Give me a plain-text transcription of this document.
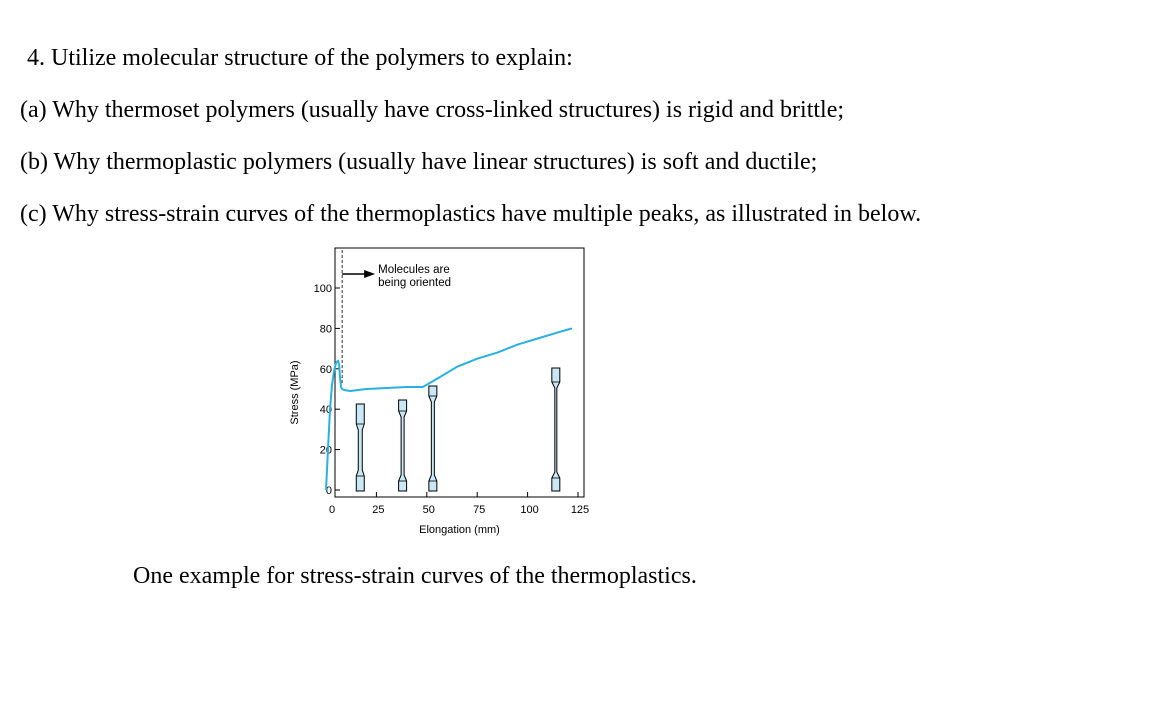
4. Utilize molecular structure of the polymers to explain:
(a) Why thermoset polymers (usually have cross-linked structures) is rigid and brittle;
(b) Why thermoplastic polymers (usually have linear structures) is soft and ductile;
(c) Why stress-strain curves of the thermoplastics have multiple peaks, as illustrated in below.
0
20
40
60
80
100
0	25	50	75	100	125
Molecules are
being oriented
Elongation (mm)
Stress (MPa)
One example for stress-strain curves of the thermoplastics.
